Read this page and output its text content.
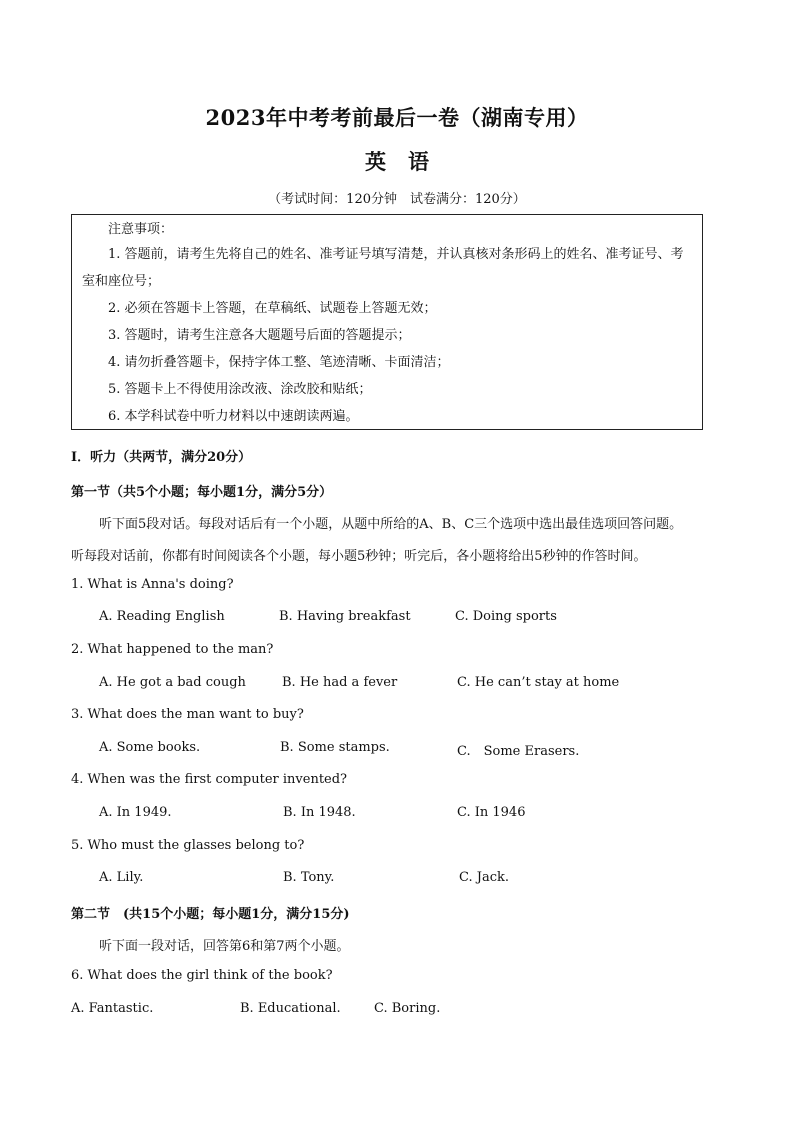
2023年中考考前最后一卷（湖南专用）
英语
（考试时间：120分钟　试卷满分：120分）
注意事项：
1. 答题前，请考生先将自己的姓名、准考证号填写清楚，并认真核对条形码上的姓名、准考证号、考室和座位号；
2. 必须在答题卡上答题，在草稿纸、试题卷上答题无效；
3. 答题时，请考生注意各大题题号后面的答题提示；
4. 请勿折叠答题卡，保持字体工整、笔迹清晰、卡面清洁；
5. 答题卡上不得使用涂改液、涂改胶和贴纸；
6. 本学科试卷中听力材料以中速朗读两遍。
I．听力（共两节，满分20分）
第一节（共5个小题；每小题1分，满分5分）
听下面5段对话。每段对话后有一个小题，从题中所给的A、B、C三个选项中选出最佳选项回答问题。
听每段对话前，你都有时间阅读各个小题，每小题5秒钟；听完后，各小题将给出5秒钟的作答时间。
1. What is Anna's doing?
A. Reading English	B. Having breakfast	C. Doing sports
2. What happened to the man?
A. He got a bad cough	B. He had a fever	C. He can’t stay at home
3. What does the man want to buy?
A. Some books.	B. Some stamps.	C.　Some Erasers.
4. When was the first computer invented?
A. In 1949.	B. In 1948.	C. In 1946
5. Who must the glasses belong to?
A. Lily.	B. Tony.	C. Jack.
第二节　(共15个小题；每小题1分，满分15分)
听下面一段对话，回答第6和第7两个小题。
6. What does the girl think of the book?
A. Fantastic.	B. Educational.	C. Boring.
